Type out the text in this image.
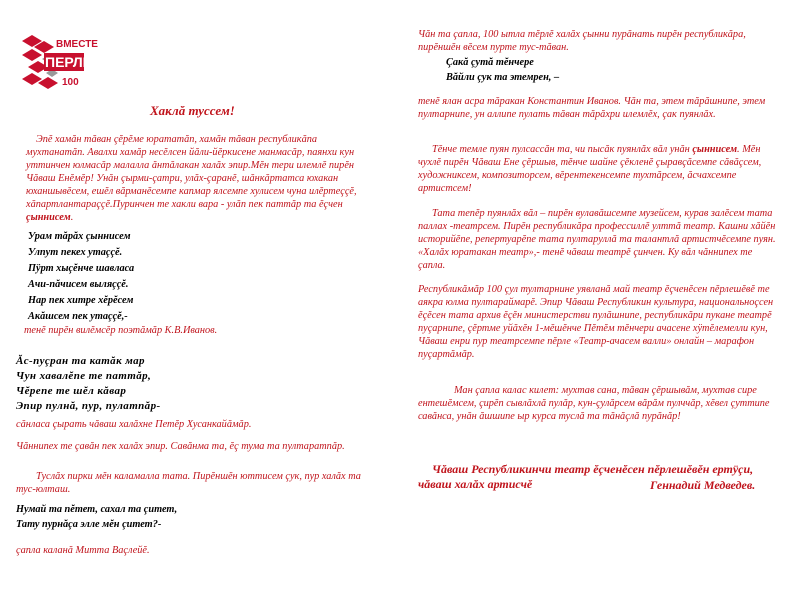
ВМЕСТЕ
ПЕРЛЕ
100
Хаклă туссем!
Эпĕ хамăн тăван çĕрĕме юрататăп, хамăн тăван республикăпа мухтанатăп. Авалхи хамăр несĕлсен йăли-йĕркисене манмасăр, паянхи кун уттинчен юлмасăр малалла ăнтăлакан халăх эпир.Мĕн тери илемлĕ пирĕн Чăваш Енĕмĕр! Унăн çырми-çатри, улăх-çаранĕ, шăнкăртатса юхакан юханшывĕсем, ешĕл вăрманĕсемпе капмар ялсемпе хулисем чуна илĕртеççĕ, хăпартлантараççĕ.Пуринчен те хакли вара - улăп пек паттăр та ĕçчен çыннисем.
Урам тăрăх çыннисем
Улпут пекех утаççĕ.
Пÿрт хыçĕнче шавласа
Ачи-пăчисем выляççĕ.
Нар пек хитре хĕрĕсем
Акăшсем пек утаççĕ,-
тенĕ пирĕн вилĕмсĕр поэтăмăр К.В.Иванов.
Ăс-пуçран та катăк мар
Чун хавалĕпе те паттăр,
Чĕрепе те шĕл кăвар
Эпир пулнă, пур, пулатпăр-
сăнласа çырать чăваш халăхне Петĕр Хусанкайăмăр.
Чăннипех те çавăн пек халăх эпир. Савăнма та, ĕç тума та пултаратпăр.
Туслăх пирки мĕн каламалла тата. Пирĕншĕн юттисем çук, пур халăх та тус-юлташ.
Нумай та пĕтет, сахал та çитет,
Тату пурнăçа элле мĕн çитет?-
çапла каланă Митта Ваçлейĕ.
Чăн та çапла, 100 ытла тĕрлĕ халăх çынни пурăнать пирĕн республикăра, пирĕншĕн вĕсем пурте тус-тăван.
Çакă çутă тĕнчере
Вăйли çук та этемрен, –
тенĕ ялан асра тăракан Константин Иванов. Чăн та, этем тăрăшнипе, этем пултарнипе, ун аллипе пулать тăван тăрăхри илемлĕх, çак пуянлăх.
Тĕнче темле пуян пулсассăн та, чи пысăк пуянлăх вăл унăн çыннисем. Мĕн чухлĕ пирĕн Чăваш Ене çĕршыв, тĕнче шайне çĕкленĕ çыравçăсемпе сăвăçсем, художниксем, композиторсем, вĕрентекенсемпе тухтăрсем, ăсчахсемпе артистсем!
Тата тепĕр пуянлăх вăл – пирĕн вулавăшсемпе музейсем, курав залĕсем тата паллах -театрсем. Пирĕн республикăра профессиллĕ улттă театр. Кашни хăйĕн историйĕпе, репертуарĕпе тата пултаруллă та талантлă артистчĕсемпе пуян. «Халăх юратакан театр»,- тенĕ чăваш театрĕ çинчен. Ку вăл чăннипех те çапла.
Республикăмăр 100 çул тултарнине уявланă май театр ĕçченĕсен пĕрлешĕвĕ те аякра юлма пултараймарĕ. Эпир Чăваш Республикин культура, национальноçсен ĕçĕсен тата архив ĕçĕн министерстви пулăшнипе, республикăри пукане театрĕ пуçарнипе, çĕртме уйăхĕн 1-мĕшĕнче Пĕтĕм тĕнчери ачасене хÿтĕлемелли кун, Чăваш енри пур театрсемпе пĕрле «Театр-ачасем валли» онлайн – марафон пуçартăмăр.
Ман çапла калас килет: мухтав сана, тăван çĕршывăм, мухтав сире ентешĕмсем, çирĕп сывлăхлă пулăр, кун-çулăрсем вăрăм пулччăр, хĕвел çуттипе савăнса, унăн ăшшипе ыр курса туслă та тăнăçлă пурăнăр!
Чăваш Республикинчи театр ĕçченĕсен пĕрлешĕвĕн ертÿçи, чăваш халăх артисчĕ	Геннадий Медведев.
